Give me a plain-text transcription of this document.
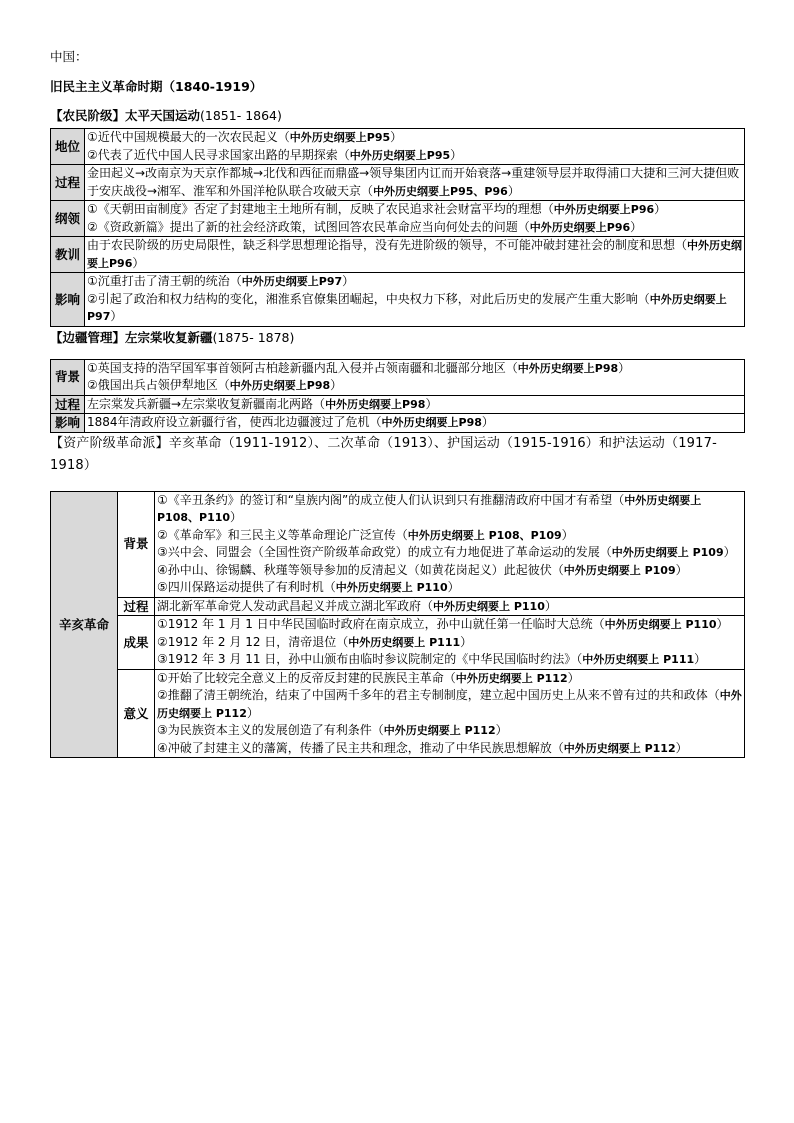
中国：

旧民主主义革命时期（1840-1919）

【农民阶级】太平天国运动(1851- 1864)

地位	①近代中国规模最大的一次农民起义（中外历史纲要上P95）
②代表了近代中国人民寻求国家出路的早期探索（中外历史纲要上P95）

过程	金田起义→改南京为天京作都城→北伐和西征而鼎盛→领导集团内讧而开始衰落→重建领导层并取得浦口大捷和三河大捷但败于安庆战役→湘军、淮军和外国洋枪队联合攻破天京（中外历史纲要上P95、P96）

纲领	①《天朝田亩制度》否定了封建地主土地所有制，反映了农民追求社会财富平均的理想（中外历史纲要上P96）
②《资政新篇》提出了新的社会经济政策，试图回答农民革命应当向何处去的问题（中外历史纲要上P96）

教训	由于农民阶级的历史局限性，缺乏科学思想理论指导，没有先进阶级的领导，不可能冲破封建社会的制度和思想（中外历史纲要上P96）

影响	①沉重打击了清王朝的统治（中外历史纲要上P97）
②引起了政治和权力结构的变化，湘淮系官僚集团崛起，中央权力下移，对此后历史的发展产生重大影响（中外历史纲要上P97）

【边疆管理】左宗棠收复新疆(1875- 1878)

背景	①英国支持的浩罕国军事首领阿古柏趁新疆内乱入侵并占领南疆和北疆部分地区（中外历史纲要上P98）
②俄国出兵占领伊犁地区（中外历史纲要上P98）

过程	左宗棠发兵新疆→左宗棠收复新疆南北两路（中外历史纲要上P98）

影响	1884年清政府设立新疆行省，使西北边疆渡过了危机（中外历史纲要上P98）

【资产阶级革命派】辛亥革命（1911-1912）、二次革命（1913）、护国运动（1915-1916）和护法运动（1917-1918）

辛亥革命	背景	①《辛丑条约》的签订和“皇族内阁”的成立使人们认识到只有推翻清政府中国才有希望（中外历史纲要上 P108、P110）
②《革命军》和三民主义等革命理论广泛宣传（中外历史纲要上 P108、P109）
③兴中会、同盟会（全国性资产阶级革命政党）的成立有力地促进了革命运动的发展（中外历史纲要上 P109）
④孙中山、徐锡麟、秋瑾等领导参加的反清起义（如黄花岗起义）此起彼伏（中外历史纲要上 P109）
⑤四川保路运动提供了有利时机（中外历史纲要上 P110）

	过程	湖北新军革命党人发动武昌起义并成立湖北军政府（中外历史纲要上 P110）

	成果	①1912 年 1 月 1 日中华民国临时政府在南京成立，孙中山就任第一任临时大总统（中外历史纲要上 P110）
②1912 年 2 月 12 日，清帝退位（中外历史纲要上 P111）
③1912 年 3 月 11 日，孙中山颁布由临时参议院制定的《中华民国临时约法》（中外历史纲要上 P111）

	意义	①开始了比较完全意义上的反帝反封建的民族民主革命（中外历史纲要上 P112）
②推翻了清王朝统治，结束了中国两千多年的君主专制制度，建立起中国历史上从来不曾有过的共和政体（中外历史纲要上 P112）
③为民族资本主义的发展创造了有利条件（中外历史纲要上 P112）
④冲破了封建主义的藩篱，传播了民主共和理念，推动了中华民族思想解放（中外历史纲要上 P112）
